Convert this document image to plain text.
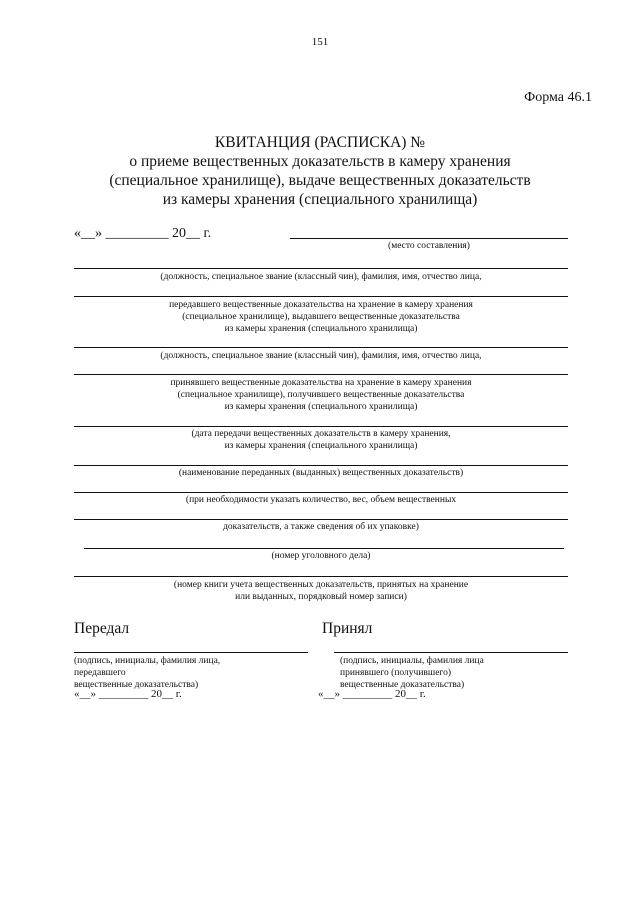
151
Форма 46.1
КВИТАНЦИЯ (РАСПИСКА) №
о приеме вещественных доказательств в камеру хранения
(специальное хранилище), выдаче вещественных доказательств
из камеры хранения (специального хранилища)
«__» _________ 20__ г.
(место составления)
(должность, специальное звание (классный чин), фамилия, имя, отчество лица,
передавшего вещественные доказательства на хранение в камеру хранения
(специальное хранилище), выдавшего вещественные доказательства
из камеры хранения (специального хранилища)
(должность, специальное звание (классный чин), фамилия, имя, отчество лица,
принявшего вещественные доказательства на хранение в камеру хранения
(специальное хранилище), получившего вещественные доказательства
из камеры хранения (специального хранилища)
(дата передачи вещественных доказательств в камеру хранения,
из камеры хранения (специального хранилища)
(наименование переданных (выданных) вещественных доказательств)
(при необходимости указать количество, вес, объем вещественных
доказательств, а также сведения об их упаковке)
(номер уголовного дела)
(номер книги учета вещественных доказательств, принятых на хранение
или выданных, порядковый номер записи)
Передал
(подпись, инициалы, фамилия лица,
передавшего
вещественные доказательства)
«__» _________ 20__ г.
Принял
(подпись, инициалы, фамилия лица
принявшего (получившего)
вещественные доказательства)
«__» _________ 20__ г.
